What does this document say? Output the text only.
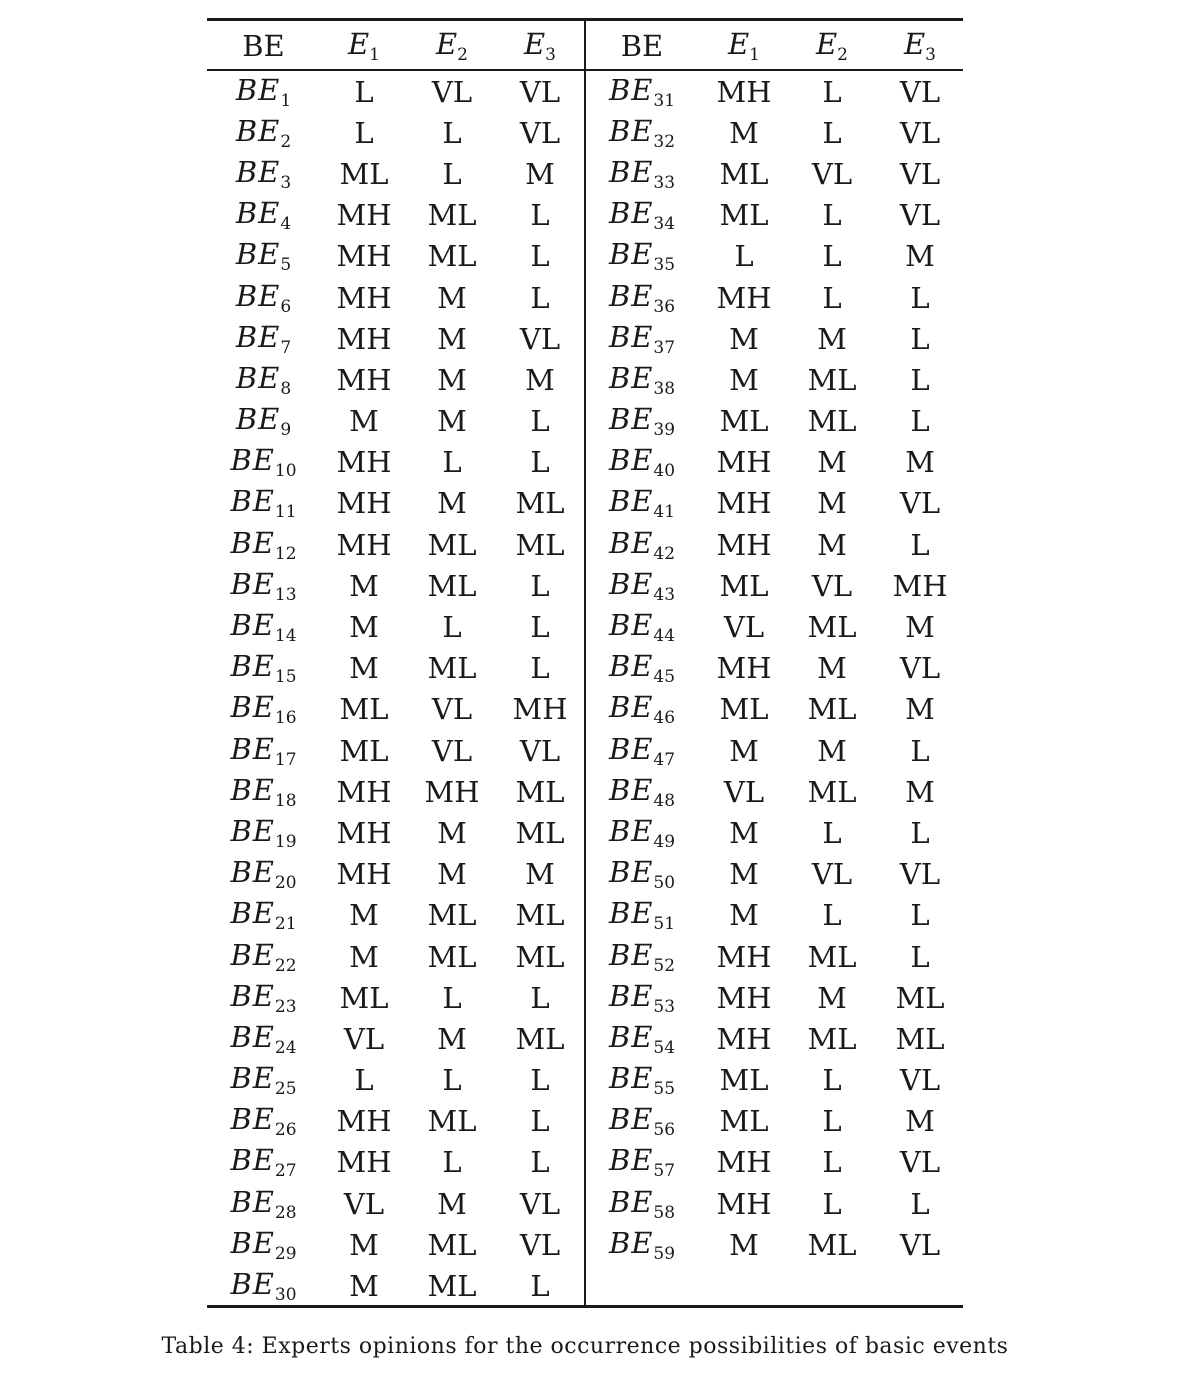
BE	$E_1$	$E_2$	$E_3$	BE	$E_1$	$E_2$	$E_3$
$BE_1$	L	VL	VL	$BE_{31}$	MH	L	VL
$BE_2$	L	L	VL	$BE_{32}$	M	L	VL
$BE_3$	ML	L	M	$BE_{33}$	ML	VL	VL
$BE_4$	MH	ML	L	$BE_{34}$	ML	L	VL
$BE_5$	MH	ML	L	$BE_{35}$	L	L	M
$BE_6$	MH	M	L	$BE_{36}$	MH	L	L
$BE_7$	MH	M	VL	$BE_{37}$	M	M	L
$BE_8$	MH	M	M	$BE_{38}$	M	ML	L
$BE_9$	M	M	L	$BE_{39}$	ML	ML	L
$BE_{10}$	MH	L	L	$BE_{40}$	MH	M	M
$BE_{11}$	MH	M	ML	$BE_{41}$	MH	M	VL
$BE_{12}$	MH	ML	ML	$BE_{42}$	MH	M	L
$BE_{13}$	M	ML	L	$BE_{43}$	ML	VL	MH
$BE_{14}$	M	L	L	$BE_{44}$	VL	ML	M
$BE_{15}$	M	ML	L	$BE_{45}$	MH	M	VL
$BE_{16}$	ML	VL	MH	$BE_{46}$	ML	ML	M
$BE_{17}$	ML	VL	VL	$BE_{47}$	M	M	L
$BE_{18}$	MH	MH	ML	$BE_{48}$	VL	ML	M
$BE_{19}$	MH	M	ML	$BE_{49}$	M	L	L
$BE_{20}$	MH	M	M	$BE_{50}$	M	VL	VL
$BE_{21}$	M	ML	ML	$BE_{51}$	M	L	L
$BE_{22}$	M	ML	ML	$BE_{52}$	MH	ML	L
$BE_{23}$	ML	L	L	$BE_{53}$	MH	M	ML
$BE_{24}$	VL	M	ML	$BE_{54}$	MH	ML	ML
$BE_{25}$	L	L	L	$BE_{55}$	ML	L	VL
$BE_{26}$	MH	ML	L	$BE_{56}$	ML	L	M
$BE_{27}$	MH	L	L	$BE_{57}$	MH	L	VL
$BE_{28}$	VL	M	VL	$BE_{58}$	MH	L	L
$BE_{29}$	M	ML	VL	$BE_{59}$	M	ML	VL
$BE_{30}$	M	ML	L				
Table 4: Experts opinions for the occurrence possibilities of basic events
